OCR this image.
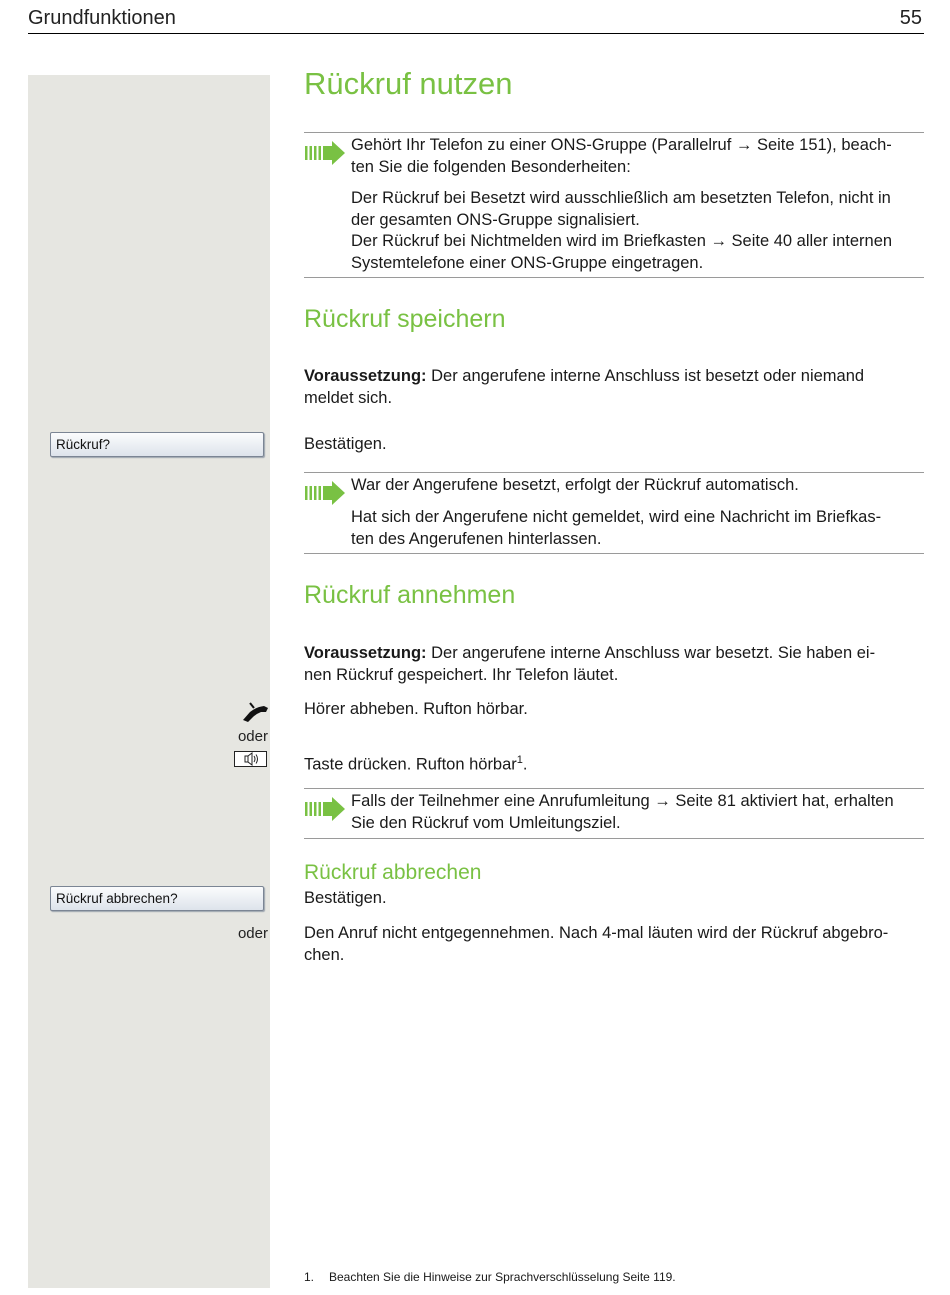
Grundfunktionen	55
Rückruf nutzen
Gehört Ihr Telefon zu einer ONS-Gruppe (Parallelruf → Seite 151), beach-
ten Sie die folgenden Besonderheiten:
Der Rückruf bei Besetzt wird ausschließlich am besetzten Telefon, nicht in
der gesamten ONS-Gruppe signalisiert.
Der Rückruf bei Nichtmelden wird im Briefkasten → Seite 40 aller internen
Systemtelefone einer ONS-Gruppe eingetragen.
Rückruf speichern
Voraussetzung: Der angerufene interne Anschluss ist besetzt oder niemand
meldet sich.
Rückruf?	Bestätigen.
War der Angerufene besetzt, erfolgt der Rückruf automatisch.
Hat sich der Angerufene nicht gemeldet, wird eine Nachricht im Briefkas-
ten des Angerufenen hinterlassen.
Rückruf annehmen
Voraussetzung: Der angerufene interne Anschluss war besetzt. Sie haben ei-
nen Rückruf gespeichert. Ihr Telefon läutet.
Hörer abheben. Rufton hörbar.
oder
Taste drücken. Rufton hörbar$^1$.
Falls der Teilnehmer eine Anrufumleitung → Seite 81 aktiviert hat, erhalten
Sie den Rückruf vom Umleitungsziel.
Rückruf abbrechen
Rückruf abbrechen?	Bestätigen.
oder Den Anruf nicht entgegennehmen. Nach 4-mal läuten wird der Rückruf abgebro-
chen.
1. Beachten Sie die Hinweise zur Sprachverschlüsselung Seite 119.
